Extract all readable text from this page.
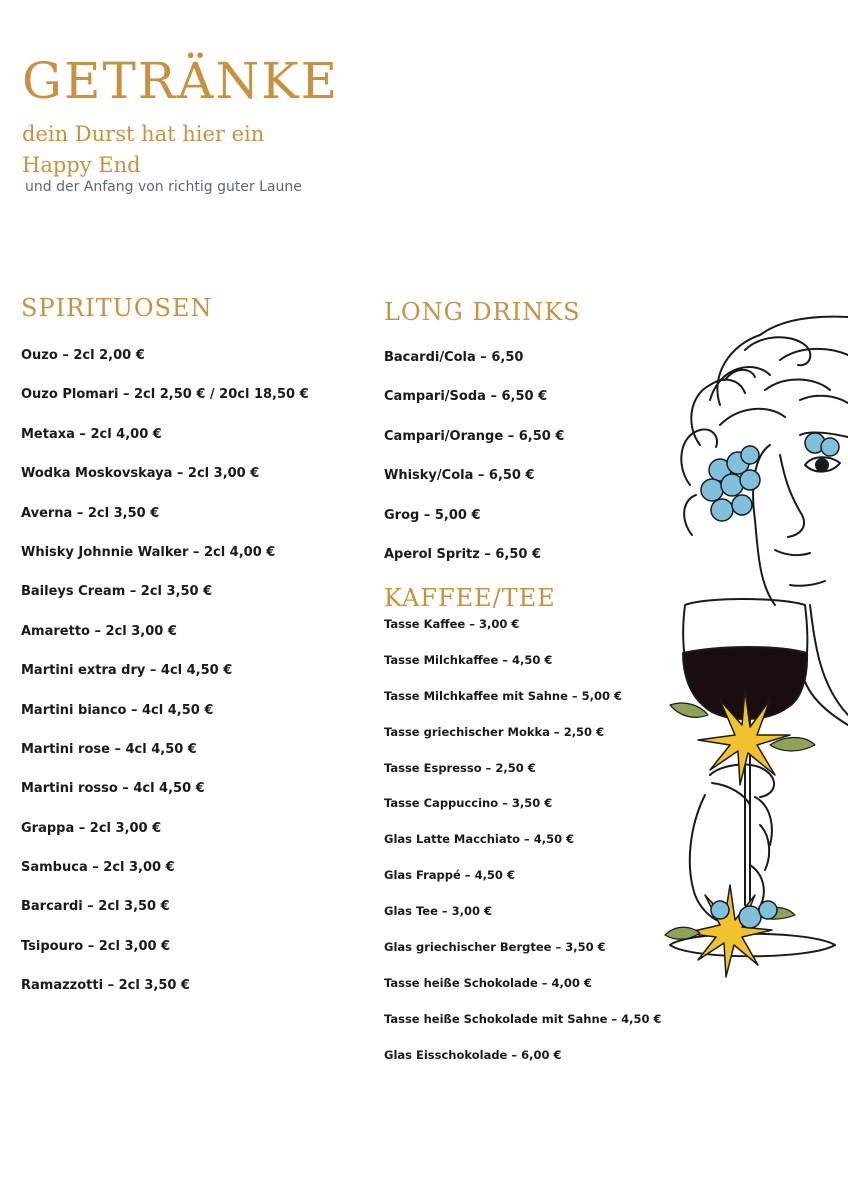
GETRÄNKE

dein Durst hat hier ein Happy End

und der Anfang von richtig guter Laune

SPIRITUOSEN
Ouzo – 2cl 2,00 €
Ouzo Plomari – 2cl 2,50 € / 20cl 18,50 €
Metaxa – 2cl 4,00 €
Wodka Moskovskaya – 2cl 3,00 €
Averna – 2cl 3,50 €
Whisky Johnnie Walker – 2cl 4,00 €
Baileys Cream – 2cl 3,50 €
Amaretto – 2cl 3,00 €
Martini extra dry – 4cl 4,50 €
Martini bianco – 4cl 4,50 €
Martini rose – 4cl 4,50 €
Martini rosso – 4cl 4,50 €
Grappa – 2cl 3,00 €
Sambuca – 2cl 3,00 €
Barcardi – 2cl 3,50 €
Tsipouro – 2cl 3,00 €
Ramazzotti – 2cl 3,50 €
LONG DRINKS
Bacardi/Cola – 6,50
Campari/Soda – 6,50 €
Campari/Orange – 6,50 €
Whisky/Cola – 6,50 €
Grog – 5,00 €
Aperol Spritz – 6,50 €
KAFFEE/TEE
Tasse Kaffee – 3,00 €
Tasse Milchkaffee – 4,50 €
Tasse Milchkaffee mit Sahne – 5,00 €
Tasse griechischer Mokka – 2,50 €
Tasse Espresso – 2,50 €
Tasse Cappuccino – 3,50 €
Glas Latte Macchiato – 4,50 €
Glas Frappé – 4,50 €
Glas Tee – 3,00 €
Glas griechischer Bergtee – 3,50 €
Tasse heiße Schokolade – 4,00 €
Tasse heiße Schokolade mit Sahne – 4,50 €
Glas Eisschokolade – 6,00 €
